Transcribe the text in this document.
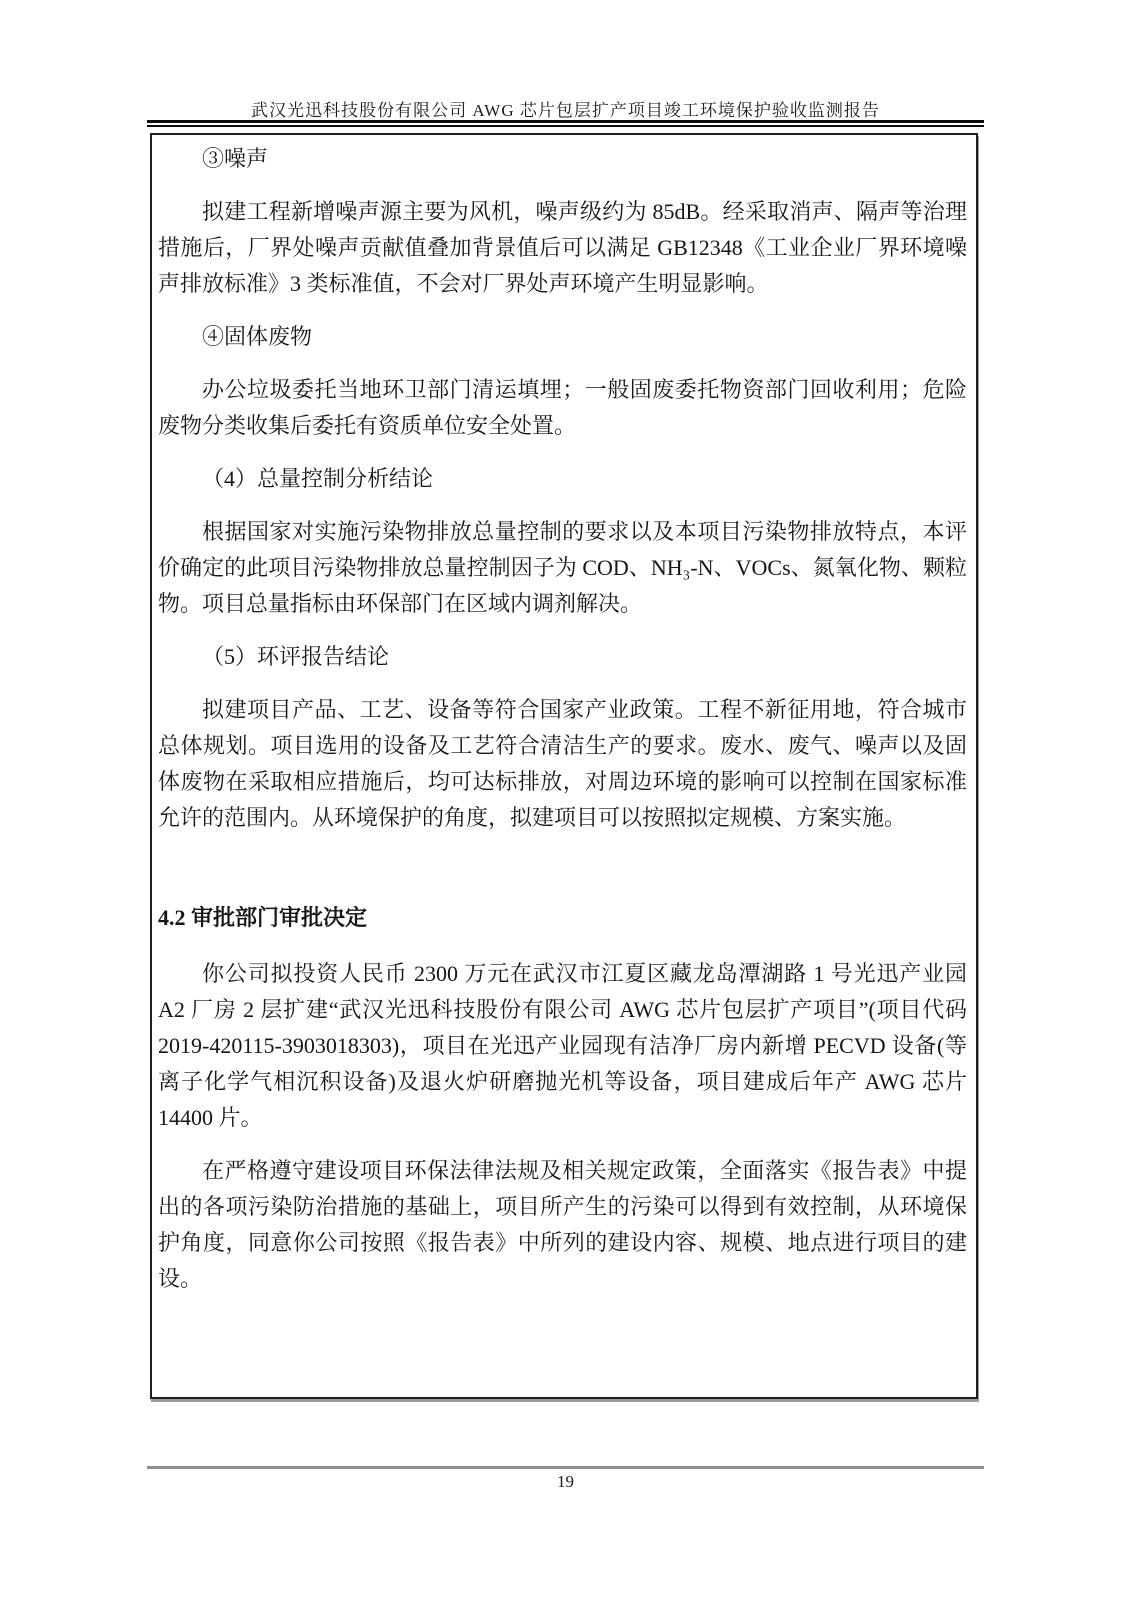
武汉光迅科技股份有限公司 AWG 芯片包层扩产项目竣工环境保护验收监测报告

③噪声

拟建工程新增噪声源主要为风机，噪声级约为 85dB。经采取消声、隔声等治理措施后，厂界处噪声贡献值叠加背景值后可以满足 GB12348《工业企业厂界环境噪声排放标准》3 类标准值，不会对厂界处声环境产生明显影响。

④固体废物

办公垃圾委托当地环卫部门清运填埋；一般固废委托物资部门回收利用；危险废物分类收集后委托有资质单位安全处置。

（4）总量控制分析结论

根据国家对实施污染物排放总量控制的要求以及本项目污染物排放特点，本评价确定的此项目污染物排放总量控制因子为 COD、NH₃-N、VOCs、氮氧化物、颗粒物。项目总量指标由环保部门在区域内调剂解决。

（5）环评报告结论

拟建项目产品、工艺、设备等符合国家产业政策。工程不新征用地，符合城市总体规划。项目选用的设备及工艺符合清洁生产的要求。废水、废气、噪声以及固体废物在采取相应措施后，均可达标排放，对周边环境的影响可以控制在国家标准允许的范围内。从环境保护的角度，拟建项目可以按照拟定规模、方案实施。

4.2 审批部门审批决定

你公司拟投资人民币 2300 万元在武汉市江夏区藏龙岛潭湖路 1 号光迅产业园 A2 厂房 2 层扩建“武汉光迅科技股份有限公司 AWG 芯片包层扩产项目”(项目代码 2019-420115-3903018303)，项目在光迅产业园现有洁净厂房内新增 PECVD 设备(等离子化学气相沉积设备)及退火炉研磨抛光机等设备，项目建成后年产 AWG 芯片 14400 片。

在严格遵守建设项目环保法律法规及相关规定政策，全面落实《报告表》中提出的各项污染防治措施的基础上，项目所产生的污染可以得到有效控制，从环境保护角度，同意你公司按照《报告表》中所列的建设内容、规模、地点进行项目的建设。

19
